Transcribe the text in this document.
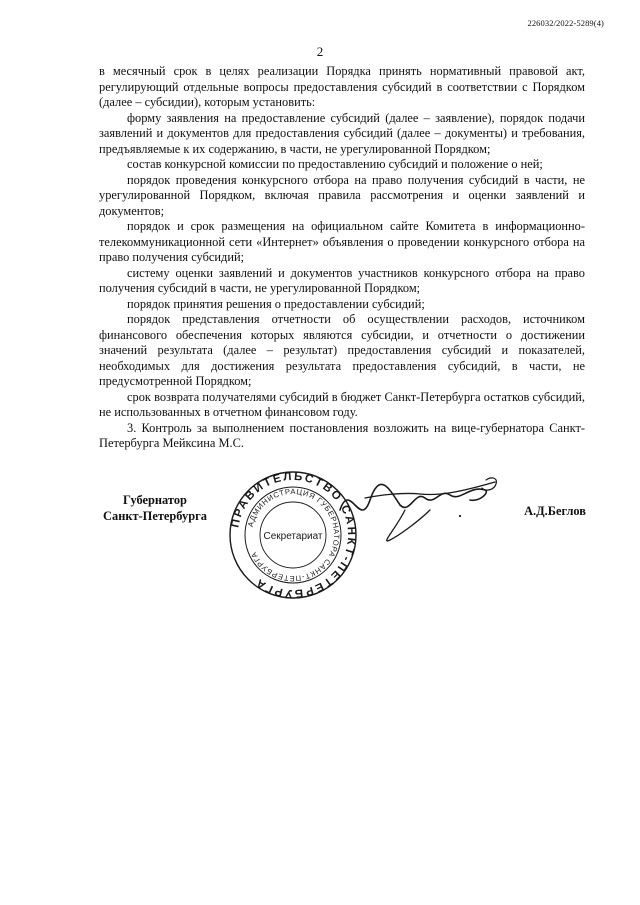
226032/2022-5289(4)
2

в месячный срок в целях реализации Порядка принять нормативный правовой акт, регулирующий отдельные вопросы предоставления субсидий в соответствии с Порядком (далее – субсидии), которым установить:

форму заявления на предоставление субсидий (далее – заявление), порядок подачи заявлений и документов для предоставления субсидий (далее – документы) и требования, предъявляемые к их содержанию, в части, не урегулированной Порядком;

состав конкурсной комиссии по предоставлению субсидий и положение о ней;

порядок проведения конкурсного отбора на право получения субсидий в части, не урегулированной Порядком, включая правила рассмотрения и оценки заявлений и документов;

порядок и срок размещения на официальном сайте Комитета в информационно-телекоммуникационной сети «Интернет» объявления о проведении конкурсного отбора на право получения субсидий;

систему оценки заявлений и документов участников конкурсного отбора на право получения субсидий в части, не урегулированной Порядком;

порядок принятия решения о предоставлении субсидий;

порядок представления отчетности об осуществлении расходов, источником финансового обеспечения которых являются субсидии, и отчетности о достижении значений результата (далее – результат) предоставления субсидий и показателей, необходимых для достижения результата предоставления субсидий, в части, не предусмотренной Порядком;

срок возврата получателями субсидий в бюджет Санкт-Петербурга остатков субсидий, не использованных в отчетном финансовом году.

3. Контроль за выполнением постановления возложить на вице-губернатора Санкт-Петербурга Мейксина М.С.

Губернатор
Санкт-Петербурга ПРАВИТЕЛЬСТВО САНКТ-ПЕТЕРБУРГА
АДМИНИСТРАЦИЯ ГУБЕРНАТОРА САНКТ-ПЕТЕРБУРГА
Секретариат
А.Д.Беглов
